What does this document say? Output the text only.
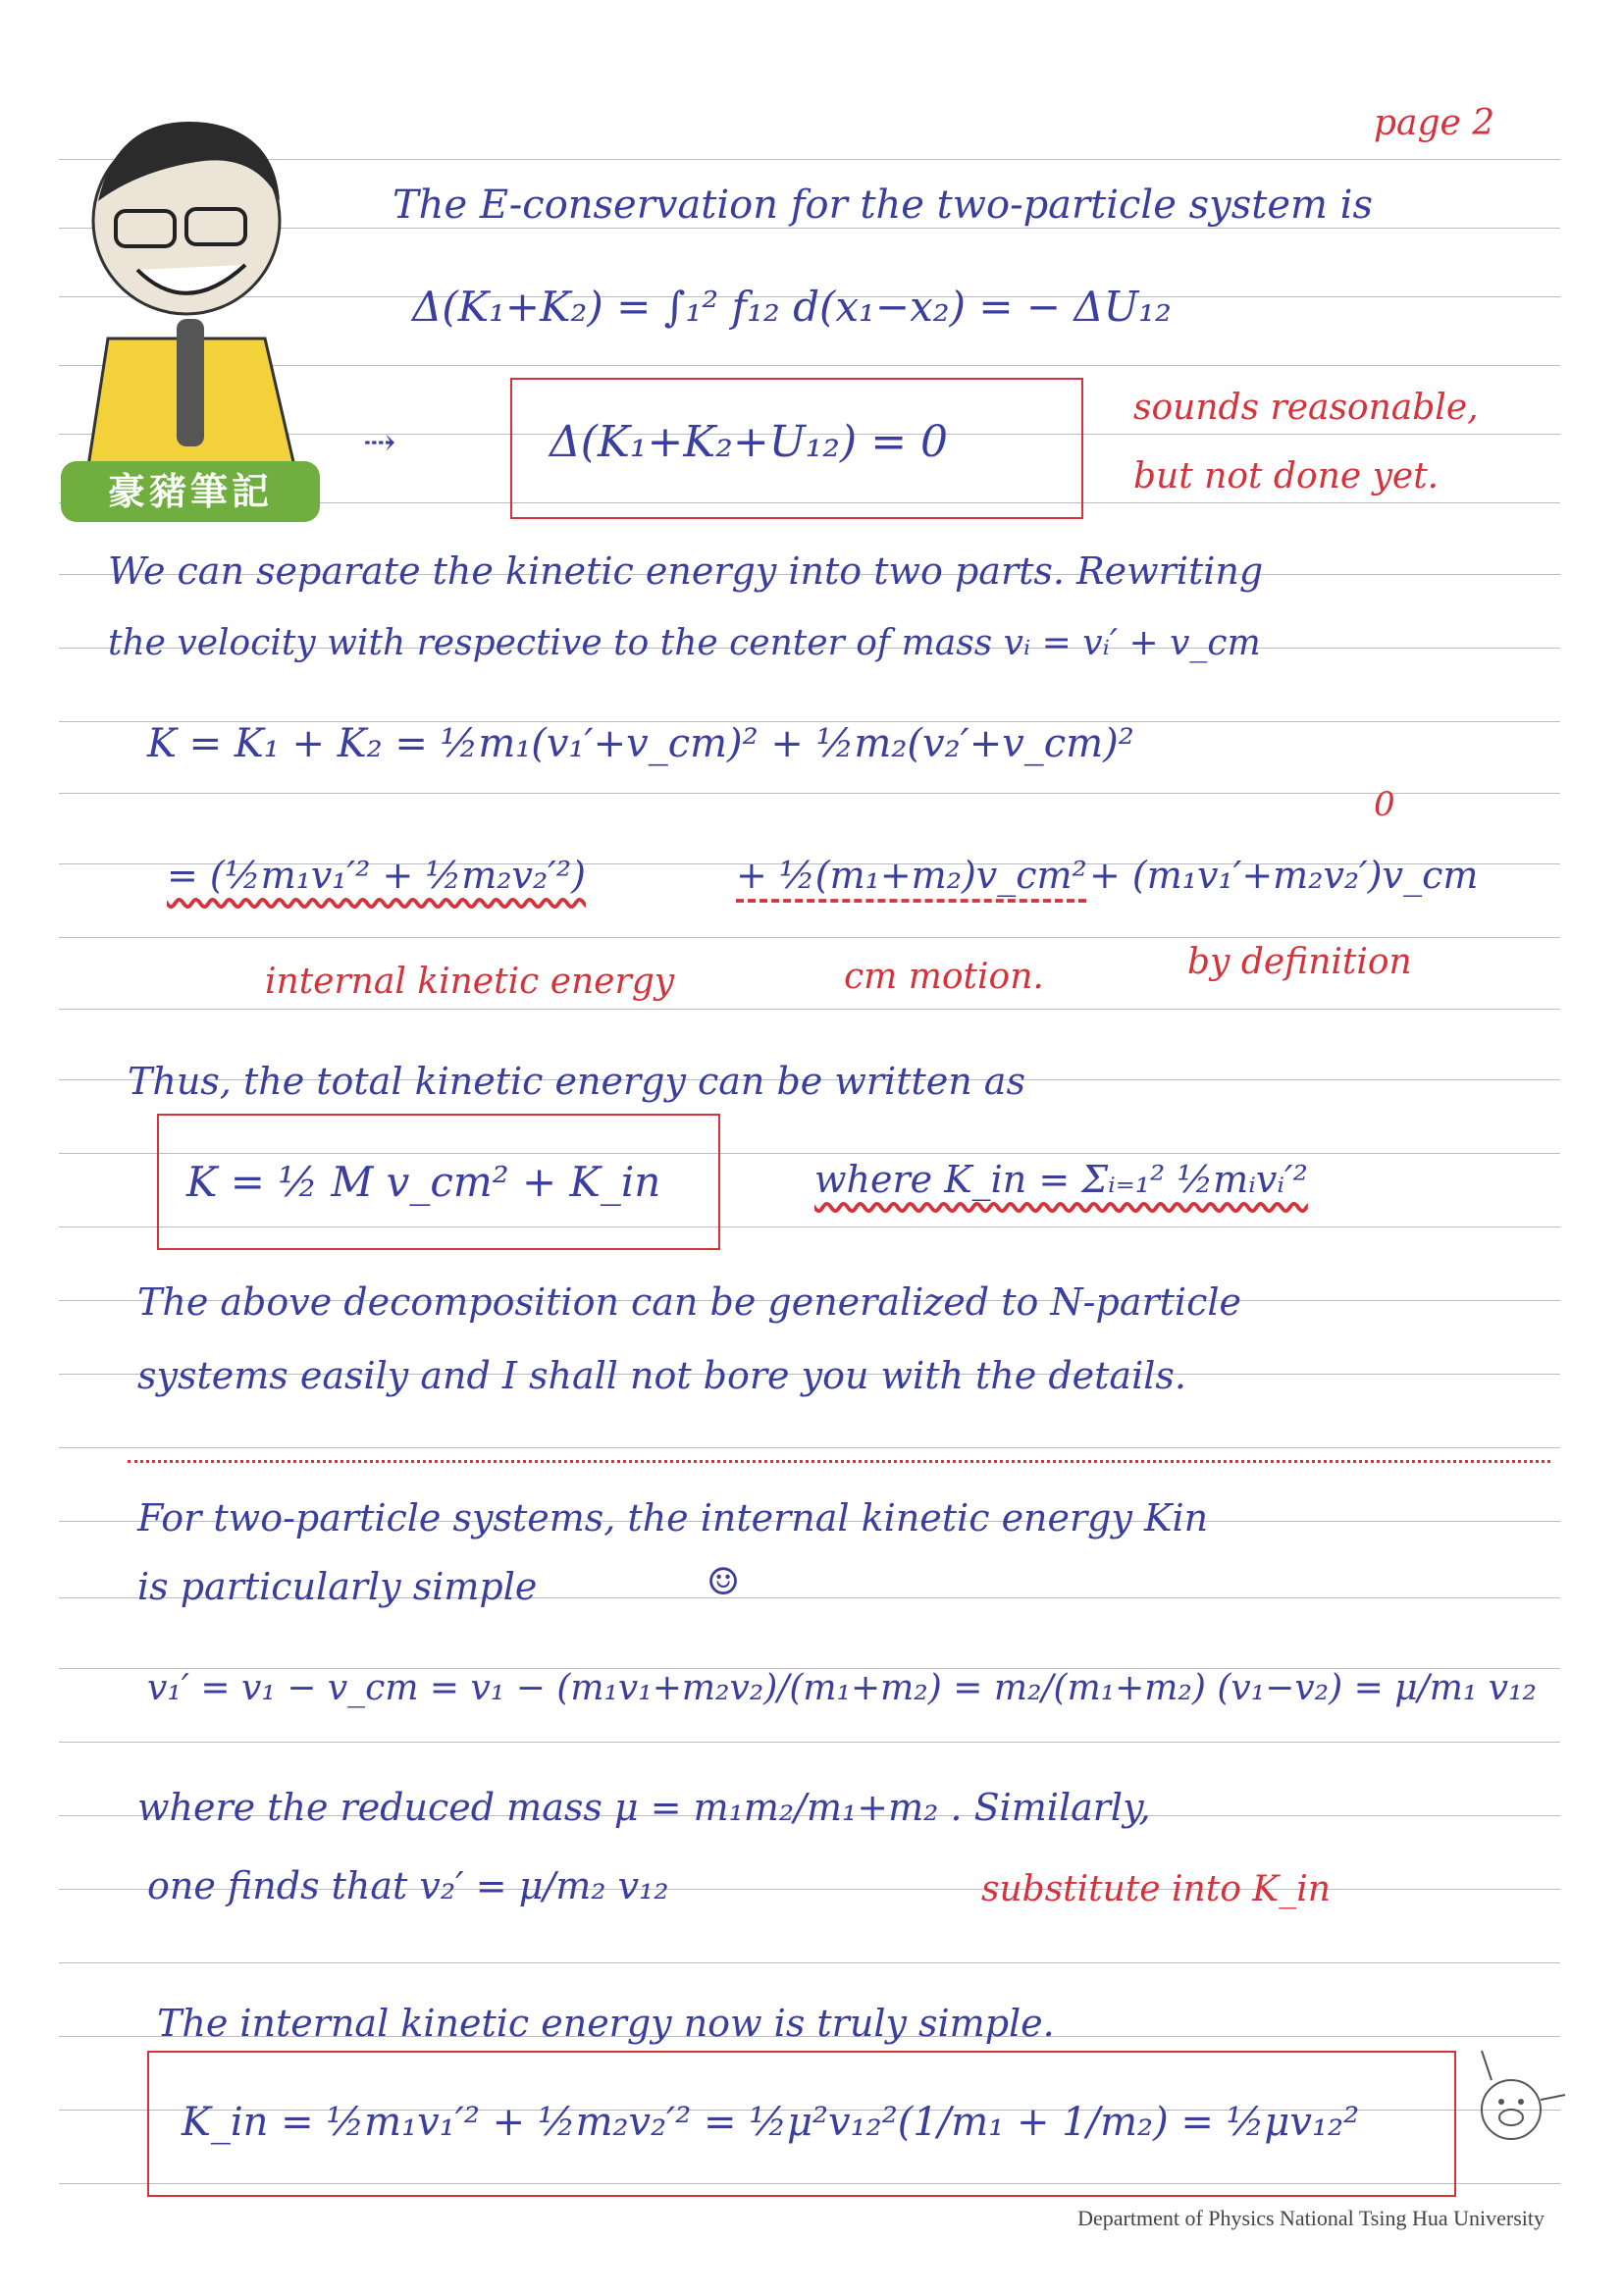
豪豬筆記
page 2
The E-conservation for the two-particle system is
Δ(K₁+K₂) = ∫₁² f₁₂ d(x₁−x₂) = − ΔU₁₂
⇢	Δ(K₁+K₂+U₁₂) = 0
sounds reasonable,
but not done yet.
We can separate the kinetic energy into two parts. Rewriting
the velocity with respective to the center of mass vᵢ = vᵢ′ + v_cm
K = K₁ + K₂ = ½m₁(v₁′+v_cm)² + ½m₂(v₂′+v_cm)²
= (½m₁v₁′² + ½m₂v₂′²)	+ ½(m₁+m₂)v_cm² + (m₁v₁′+m₂v₂′)v_cm
0
internal kinetic energy	cm motion.	by definition
Thus, the total kinetic energy can be written as
K = ½ M v_cm² + K_in	where K_in = Σᵢ₌₁² ½mᵢvᵢ′²
The above decomposition can be generalized to N-particle
systems easily and I shall not bore you with the details.
For two-particle systems, the internal kinetic energy Kin
is particularly simple	☺
v₁′ = v₁ − v_cm = v₁ − (m₁v₁+m₂v₂)/(m₁+m₂) = m₂/(m₁+m₂) (v₁−v₂) = μ/m₁ v₁₂
where the reduced mass μ = m₁m₂/m₁+m₂ . Similarly,
one finds that v₂′ = μ/m₂ v₁₂	substitute into K_in
The internal kinetic energy now is truly simple.
K_in = ½m₁v₁′² + ½m₂v₂′² = ½μ²v₁₂²(1/m₁ + 1/m₂) = ½μv₁₂²
Department of Physics National Tsing Hua University
